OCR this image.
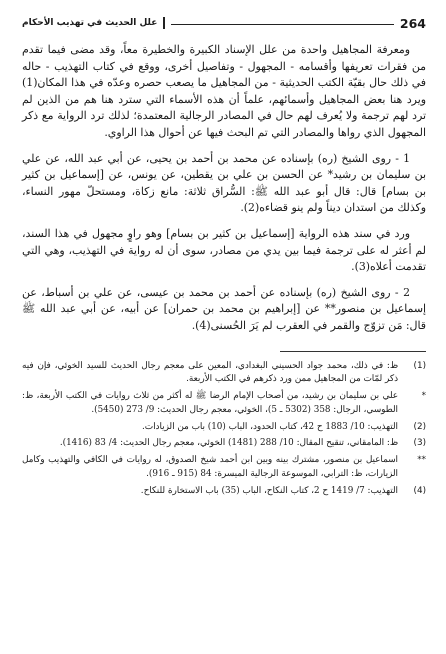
264
علل الحديث في تهذيب الأحكام

ومعرفة المجاهيل واحدة من علل الإسناد الكبيرة والخطيرة معاً، وقد مضى فيما تقدم من فقرات تعريفها وأقسامه - المجهول - وتفاصيل أخرى، ووقع في كتاب التهذيب - حاله في ذلك حال بقيّة الكتب الحديثية - من المجاهيل ما يصعب حصره وعدّه في هذا المكان(1) ويرد هنا بعض المجاهيل وأسمائهم، علماً أن هذه الأسماء التي سترد هنا هم من الذين لم ترد لهم ترجمة ولا يُعرف لهم حال في المصادر الرجالية المعتمدة؛ لذلك ترد الرواية مع ذكر المجهول الذي رواها والمصادر التي تم البحث فيها عن أحوال هذا الراوي.

1 - روى الشيخ (ره) بإسناده عن محمد بن أحمد بن يحيى، عن أبي عبد الله، عن علي بن سليمان بن رشيد* عن الحسن بن علي بن يقطين، عن يونس، عن [إسماعيل بن كثير بن بسام] قال: قال أبو عبد الله ﷺ: السُّراق ثلاثة: مانع زكاة، ومستحلّ مهور النساء، وكذلك من استدان ديناً ولم ينو قضاءه(2).

ورد في سند هذه الرواية [إسماعيل بن كثير بن بسام] وهو راوٍ مجهول في هذا السند، لم أعثر له على ترجمة فيما بين يدي من مصادر، سوى أن له رواية في التهذيب، وهي التي تقدمت أعلاه(3).

2 - روى الشيخ (ره) بإسناده عن أحمد بن محمد بن عيسى، عن علي بن أسباط، عن إسماعيل بن منصور** عن [إبراهيم بن محمد بن حمران] عن أبيه، عن أبي عبد الله ﷺ قال: مَن تزوّج والقمر في العقرب لم يَرَ الحُسنى(4).

(1)
ظ: في ذلك، محمد جواد الحسيني البغدادي، المعين على معجم رجال الحديث للسيد الخوئي، فإن فيه ذكر لمّات من المجاهيل ممن ورد ذكرهم في الكتب الأربعة.
*
علي بن سليمان بن رشيد، من أصحاب الإمام الرضا ﷺ له أكثر من ثلاث روايات في الكتب الأربعة، ظ: الطوسي، الرجال: 358 (5302 ـ 5)، الخوئي، معجم رجال الحديث: 9/ 273 (5450).
(2)
التهذيب: 10/ 1883 ح 42، كتاب الحدود، الباب (10) باب من الزيادات.
(3)
ظ: المامقاني، تنقيح المقال: 10/ 288 (1481) الخوئي، معجم رجال الحديث: 4/ 83 (1416).
**
اسماعيل بن منصور، مشترك بينه وبين ابن أحمد شيخ الصدوق، له روايات في الكافي والتهذيب وكامل الزيارات، ظ: الترابي، الموسوعة الرجالية الميسرة: 84 (915 ـ 916).
(4)
التهذيب: 7/ 1419 ح 2، كتاب النكاح، الباب (35) باب الاستخارة للنكاح.
